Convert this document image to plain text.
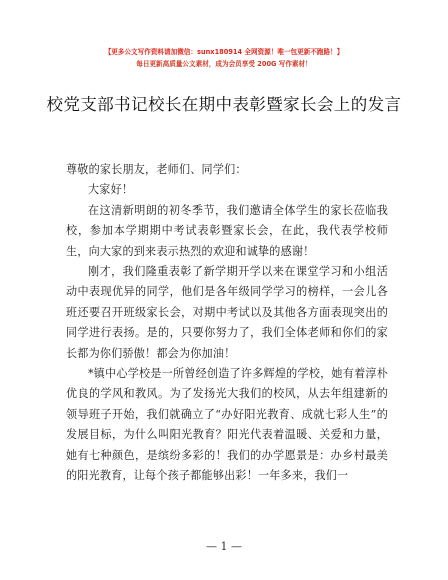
【更多公文写作资料请加微信：sunx180914 全网资源！唯一包更新不跑路！】
每日更新高质量公文素材，成为会员享受 200G 写作素材！
校党支部书记校长在期中表彰暨家长会上的发言

尊敬的家长朋友，老师们、同学们：

大家好！

在这清新明朗的初冬季节，我们邀请全体学生的家长莅临我校，参加本学期期中考试表彰暨家长会，在此，我代表学校师生，向大家的到来表示热烈的欢迎和诚挚的感谢！

刚才，我们隆重表彰了新学期开学以来在课堂学习和小组活动中表现优异的同学，他们是各年级同学学习的榜样，一会儿各班还要召开班级家长会，对期中考试以及其他各方面表现突出的同学进行表扬。是的，只要你努力了，我们全体老师和你们的家长都为你们骄傲！都会为你加油！

*镇中心学校是一所曾经创造了许多辉煌的学校，她有着淳朴优良的学风和教风。为了发扬光大我们的校风，从去年组建新的领导班子开始，我们就确立了“办好阳光教育、成就七彩人生”的发展目标，为什么叫阳光教育？阳光代表着温暖、关爱和力量，她有七种颜色，是缤纷多彩的！我们的办学愿景是：办乡村最美的阳光教育，让每个孩子都能够出彩！一年多来，我们一

— 1 —
